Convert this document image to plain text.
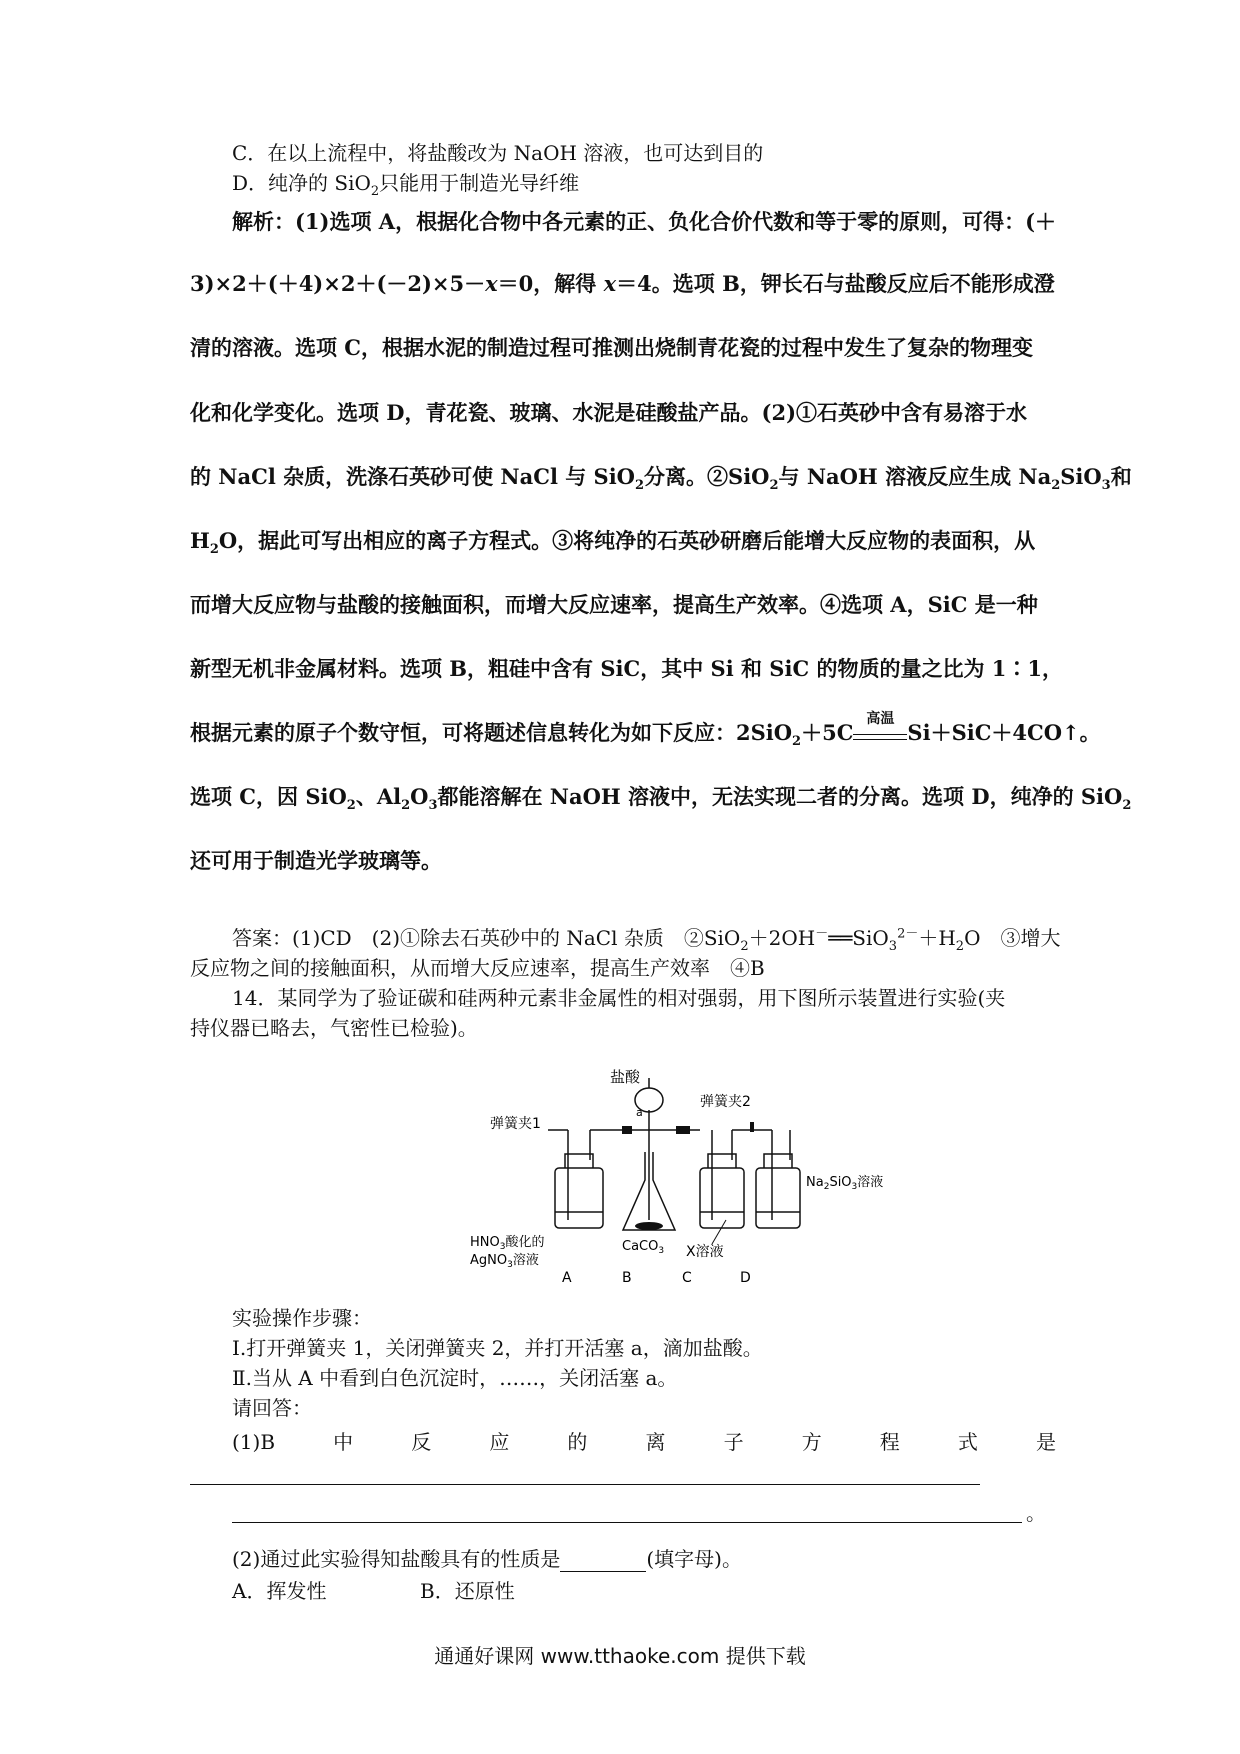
C．在以上流程中，将盐酸改为 NaOH 溶液，也可达到目的
D．纯净的 SiO$_2$只能用于制造光导纤维
解析：(1)选项 A，根据化合物中各元素的正、负化合价代数和等于零的原则，可得：(＋
3)×2＋(＋4)×2＋(－2)×5－x＝0，解得 x＝4。选项 B，钾长石与盐酸反应后不能形成澄
清的溶液。选项 C，根据水泥的制造过程可推测出烧制青花瓷的过程中发生了复杂的物理变
化和化学变化。选项 D，青花瓷、玻璃、水泥是硅酸盐产品。(2)①石英砂中含有易溶于水
的 NaCl 杂质，洗涤石英砂可使 NaCl 与 SiO$_2$分离。②SiO$_2$与 NaOH 溶液反应生成 $Na_2SiO_3$和
$H_2O$，据此可写出相应的离子方程式。③将纯净的石英砂研磨后能增大反应物的表面积，从
而增大反应物与盐酸的接触面积，而增大反应速率，提高生产效率。④选项 A，SiC 是一种
新型无机非金属材料。选项 B，粗硅中含有 SiC，其中 Si 和 SiC 的物质的量之比为 1∶1，
根据元素的原子个数守恒，可将题述信息转化为如下反应：2SiO$_2$＋5C
高温
Si＋SiC＋4CO↑。
选项 C，因 SiO$_2$、$Al_2O_3$都能溶解在 NaOH 溶液中，无法实现二者的分离。选项 D，纯净的 SiO$_2$
还可用于制造光学玻璃等。
答案：(1)CD　(2)①除去石英砂中的 NaCl 杂质　$②SiO_2+2OH^-══SiO_3^{2-}+H_2O$　③增大
反应物之间的接触面积，从而增大反应速率，提高生产效率　④B
14．某同学为了验证碳和硅两种元素非金属性的相对强弱，用下图所示装置进行实验(夹
持仪器已略去，气密性已检验)。
盐酸
弹簧夹1
a
弹簧夹2
$Na_2SiO_3$溶液
$HNO_3$酸化的
AgNO$_3$溶液
CaCO$_3$ X溶液
A	B	C	D
实验操作步骤：
Ⅰ.打开弹簧夹 1，关闭弹簧夹 2，并打开活塞 a，滴加盐酸。
Ⅱ.当从 A 中看到白色沉淀时，……，关闭活塞 a。
请回答：
(1)B	中	反	应	的	离	子	方	程	式	是
。
(2)通过此实验得知盐酸具有的性质是	(填字母)。
A．挥发性	B．还原性
通通好课网 www.tthaoke.com 提供下载
